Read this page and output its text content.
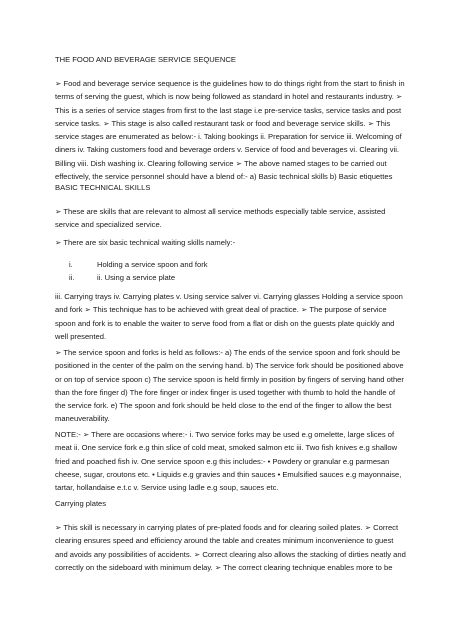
THE FOOD AND BEVERAGE SERVICE SEQUENCE

➢ Food and beverage service sequence is the guidelines how to do things right from the start to finish in
terms of serving the guest, which is now being followed as standard in hotel and restaurants industry. ➢
This is a series of service stages from first to the last stage i.e pre-service tasks, service tasks and post
service tasks. ➢ This stage is also called restaurant task or food and beverage service skills. ➢ This
service stages are enumerated as below:- i. Taking bookings ii. Preparation for service iii. Welcoming of
diners iv. Taking customers food and beverage orders v. Service of food and beverages vi. Clearing vii.
Billing viii. Dish washing ix. Clearing following service ➢ The above named stages to be carried out
effectively, the service personnel should have a blend of:- a) Basic technical skills b) Basic etiquettes

BASIC TECHNICAL SKILLS

➢ These are skills that are relevant to almost all service methods especially table service, assisted
service and specialized service.

➢ There are six basic technical waiting skills namely:-

i.	Holding a service spoon and fork
ii.	ii. Using a service plate

iii. Carrying trays iv. Carrying plates v. Using service salver vi. Carrying glasses Holding a service spoon
and fork ➢ This technique has to be achieved with great deal of practice. ➢ The purpose of service
spoon and fork is to enable the waiter to serve food from a flat or dish on the guests plate quickly and
well presented.

➢ The service spoon and forks is held as follows:- a) The ends of the service spoon and fork should be
positioned in the center of the palm on the serving hand. b) The service fork should be positioned above
or on top of service spoon c) The service spoon is held firmly in position by fingers of serving hand other
than the fore finger d) The fore finger or index finger is used together with thumb to hold the handle of
the service fork. e) The spoon and fork should be held close to the end of the finger to allow the best
maneuverability.

NOTE:- ➢ There are occasions where:- i. Two service forks may be used e.g omelette, large slices of
meat ii. One service fork e.g thin slice of cold meat, smoked salmon etc iii. Two fish knives e.g shallow
fried and poached fish iv. One service spoon e.g this includes:- • Powdery or granular e.g parmesan
cheese, sugar, croutons etc. • Liquids e.g gravies and thin sauces • Emulsified sauces e.g mayonnaise,
tartar, hollandaise e.t.c v. Service using ladle e.g soup, sauces etc.

Carrying plates

➢ This skill is necessary in carrying plates of pre-plated foods and for clearing soiled plates. ➢ Correct
clearing ensures speed and efficiency around the table and creates minimum inconvenience to guest
and avoids any possibilities of accidents. ➢ Correct clearing also allows the stacking of dirties neatly and
correctly on the sideboard with minimum delay. ➢ The correct clearing technique enables more to be
